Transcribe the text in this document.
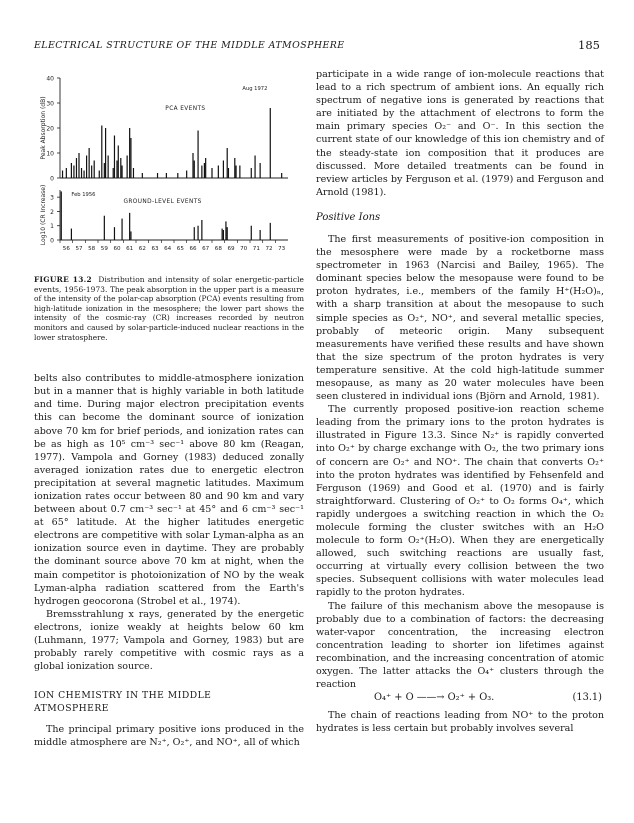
ELECTRICAL STRUCTURE OF THE MIDDLE ATMOSPHERE	185
40
30
20
10
0
Peak Absorption (dB)	PCA EVENTS
Aug 1972
3
2
1
0
Log10 (CR Increase)	GROUND-LEVEL EVENTS
Feb 1956
56 57 58 59 60 61 62 63 64 65 66 67 68 69 70 71 72 73

FIGURE 13.2 Distribution and intensity of solar energetic-particle events, 1956-1973. The peak absorption in the upper part is a measure of the intensity of the polar-cap absorption (PCA) events resulting from high-latitude ionization in the mesosphere; the lower part shows the intensity of the cosmic-ray (CR) increases recorded by neutron monitors and caused by solar-particle-induced nuclear reactions in the lower stratosphere.

belts also contributes to middle-atmosphere ionization but in a manner that is highly variable in both latitude and time. During major electron precipitation events this can become the dominant source of ionization above 70 km for brief periods, and ionization rates can be as high as 10⁵ cm⁻³ sec⁻¹ above 80 km (Reagan, 1977). Vampola and Gorney (1983) deduced zonally averaged ionization rates due to energetic electron precipitation at several magnetic latitudes. Maximum ionization rates occur between 80 and 90 km and vary between about 0.7 cm⁻³ sec⁻¹ at 45° and 6 cm⁻³ sec⁻¹ at 65° latitude. At the higher latitudes energetic electrons are competitive with solar Lyman-alpha as an ionization source even in daytime. They are probably the dominant source above 70 km at night, when the main competitor is photoionization of NO by the weak Lyman-alpha radiation scattered from the Earth's hydrogen geocorona (Strobel et al., 1974).

Bremsstrahlung x rays, generated by the energetic electrons, ionize weakly at heights below 60 km (Luhmann, 1977; Vampola and Gorney, 1983) but are probably rarely competitive with cosmic rays as a global ionization source.

ION CHEMISTRY IN THE MIDDLE ATMOSPHERE

The principal primary positive ions produced in the middle atmosphere are N₂⁺, O₂⁺, and NO⁺, all of which

participate in a wide range of ion-molecule reactions that lead to a rich spectrum of ambient ions. An equally rich spectrum of negative ions is generated by reactions that are initiated by the attachment of electrons to form the main primary species O₂⁻ and O⁻. In this section the current state of our knowledge of this ion chemistry and of the steady-state ion composition that it produces are discussed. More detailed treatments can be found in review articles by Ferguson et al. (1979) and Ferguson and Arnold (1981).

Positive Ions

The first measurements of positive-ion composition in the mesosphere were made by a rocketborne mass spectrometer in 1963 (Narcisi and Bailey, 1965). The dominant species below the mesopause were found to be proton hydrates, i.e., members of the family H⁺(H₂O)ₙ, with a sharp transition at about the mesopause to such simple species as O₂⁺, NO⁺, and several metallic species, probably of meteoric origin. Many subsequent measurements have verified these results and have shown that the size spectrum of the proton hydrates is very temperature sensitive. At the cold high-latitude summer mesopause, as many as 20 water molecules have been seen clustered in individual ions (Björn and Arnold, 1981).

The currently proposed positive-ion reaction scheme leading from the primary ions to the proton hydrates is illustrated in Figure 13.3. Since N₂⁺ is rapidly converted into O₂⁺ by charge exchange with O₂, the two primary ions of concern are O₂⁺ and NO⁺. The chain that converts O₂⁺ into the proton hydrates was identified by Fehsenfeld and Ferguson (1969) and Good et al. (1970) and is fairly straightforward. Clustering of O₂⁺ to O₂ forms O₄⁺, which rapidly undergoes a switching reaction in which the O₂ molecule forming the cluster switches with an H₂O molecule to form O₂⁺(H₂O). When they are energetically allowed, such switching reactions are usually fast, occurring at virtually every collision between the two species. Subsequent collisions with water molecules lead rapidly to the proton hydrates.

The failure of this mechanism above the mesopause is probably due to a combination of factors: the decreasing water-vapor concentration, the increasing electron concentration leading to shorter ion lifetimes against recombination, and the increasing concentration of atomic oxygen. The latter attacks the O₄⁺ clusters through the reaction

O₄⁺ + O ——→ O₂⁺ + O₃.	(13.1)

The chain of reactions leading from NO⁺ to the proton hydrates is less certain but probably involves several
